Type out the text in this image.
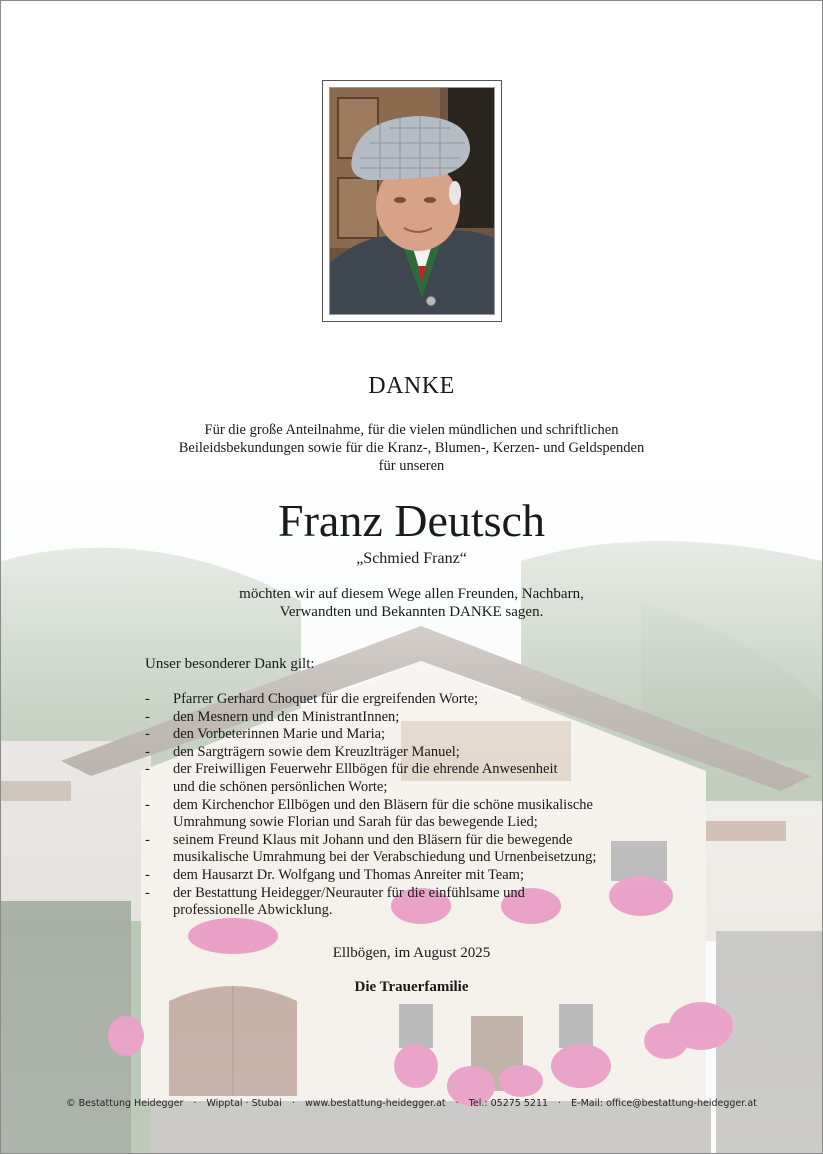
DANKE
Für die große Anteilnahme, für die vielen mündlichen und schriftlichen
Beileidsbekundungen sowie für die Kranz-, Blumen-, Kerzen- und Geldspenden
für unseren
Franz Deutsch
„Schmied Franz“
möchten wir auf diesem Wege allen Freunden, Nachbarn,
Verwandten und Bekannten DANKE sagen.
Unser besonderer Dank gilt:
- Pfarrer Gerhard Choquet für die ergreifenden Worte;
- den Mesnern und den MinistrantInnen;
- den Vorbeterinnen Marie und Maria;
- den Sargträgern sowie dem Kreuzlträger Manuel;
- der Freiwilligen Feuerwehr Ellbögen für die ehrende Anwesenheit
und die schönen persönlichen Worte;
- dem Kirchenchor Ellbögen und den Bläsern für die schöne musikalische
Umrahmung sowie Florian und Sarah für das bewegende Lied;
- seinem Freund Klaus mit Johann und den Bläsern für die bewegende
musikalische Umrahmung bei der Verabschiedung und Urnenbeisetzung;
- dem Hausarzt Dr. Wolfgang und Thomas Anreiter mit Team;
- der Bestattung Heidegger/Neurauter für die einfühlsame und
professionelle Abwicklung.
Ellbögen, im August 2025
Die Trauerfamilie
© Bestattung Heidegger · Wipptal · Stubai · www.bestattung-heidegger.at · Tel.: 05275 5211 · E-Mail: office@bestattung-heidegger.at
